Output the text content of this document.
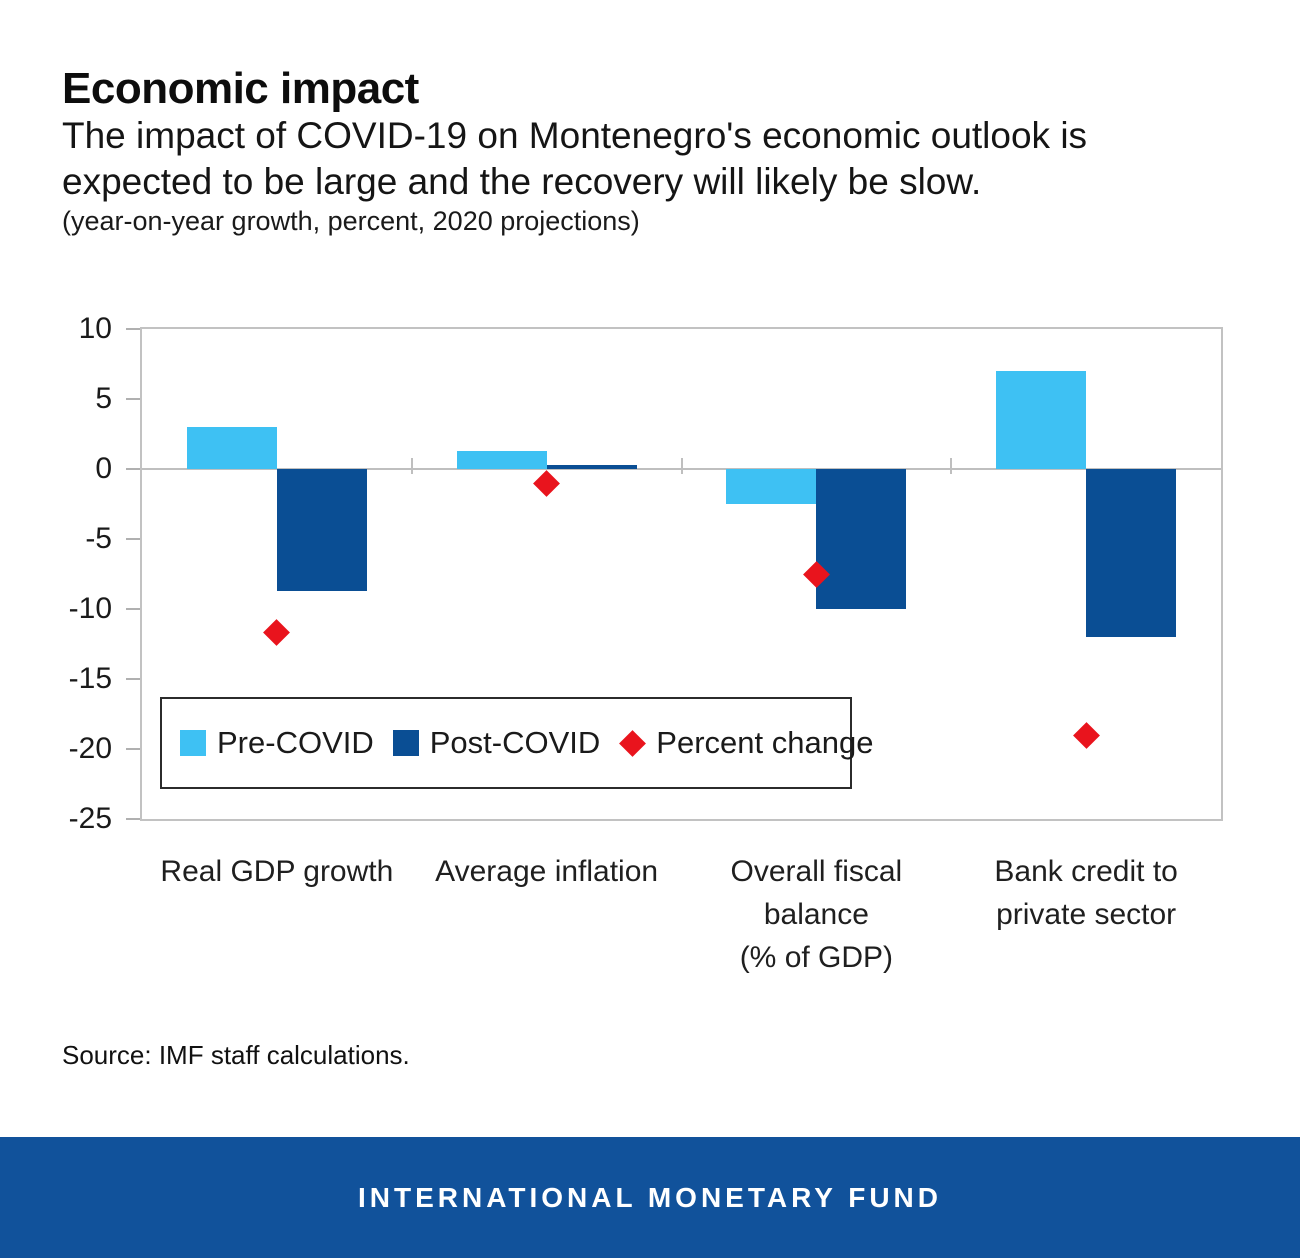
Economic impact
The impact of COVID-19 on Montenegro's economic outlook is
expected to be large and the recovery will likely be slow.
(year-on-year growth, percent, 2020 projections)
10
5
0
-5
-10
-15
-20
-25
Pre-COVID Post-COVID Percent change
Real GDP growth	Average inflation	Overall fiscal
balance
(% of GDP)
Bank credit to
private sector
Source: IMF staff calculations.
INTERNATIONAL MONETARY FUND
